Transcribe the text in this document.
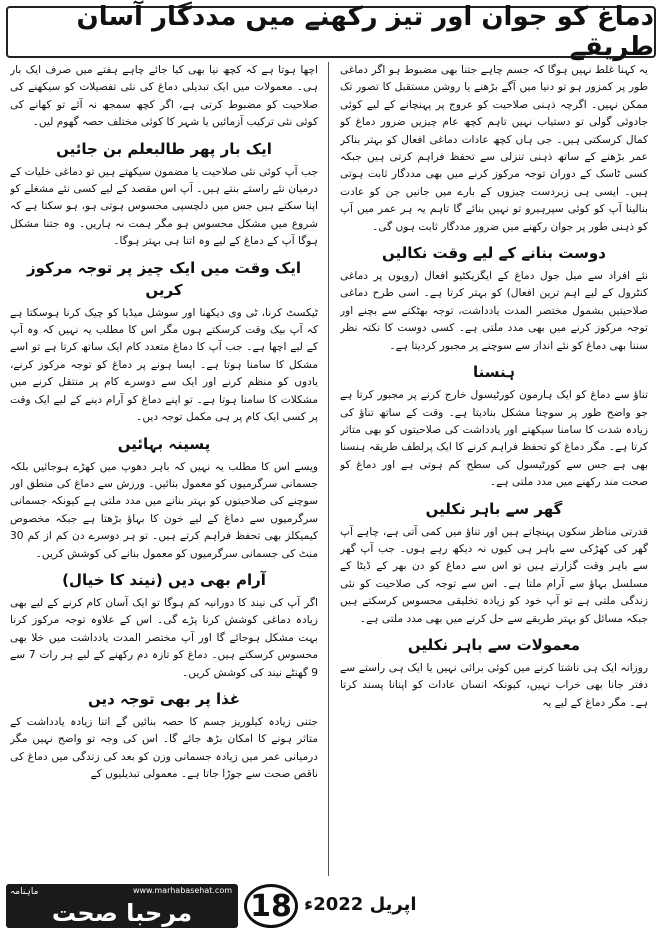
دماغ کو جوان اور تیز رکھنے میں مددگار آسان طریقے

یہ کہنا غلط نہیں ہوگا کہ جسم چاہے جتنا بھی مضبوط ہو اگر دماغی طور پر کمزور ہو تو دنیا میں آگے بڑھنے یا روشن مستقبل کا تصور تک ممکن نہیں۔ اگرچہ ذہنی صلاحیت کو عروج پر پہنچانے کے لیے کوئی جادوئی گولی تو دستیاب نہیں تاہم کچھ عام چیزیں ضرور دماغ کو کمال کرسکتی ہیں۔ جی ہاں کچھ عادات دماغی افعال کو بہتر بناکر عمر بڑھنے کے ساتھ ذہنی تنزلی سے تحفظ فراہم کرتی ہیں جبکہ کسی ٹاسک کے دوران توجہ مرکوز کرنے میں بھی مددگار ثابت ہوتی ہیں۔ ایسی ہی زبردست چیزوں کے بارے میں جانیں جن کو عادت بنالینا آپ کو کوئی سپرہیرو تو نہیں بنائے گا تاہم یہ ہر عمر میں آپ کو ذہنی طور پر جوان رکھنے میں ضرور مددگار ثابت ہوں گی۔

دوست بنانے کے لیے وقت نکالیں

نئے افراد سے میل جول دماغ کے ایگزیکٹیو افعال (رویوں پر دماغی کنٹرول کے لیے اہم ترین افعال) کو بہتر کرتا ہے۔ اسی طرح دماغی صلاحیتیں بشمول مختصر المدت یادداشت، توجہ بھٹکنے سے بچنے اور توجہ مرکوز کرنے میں بھی مدد ملتی ہے۔ کسی دوست کا نکتہ نظر سننا بھی دماغ کو نئے انداز سے سوچنے پر مجبور کردیتا ہے۔

ہنسنا

تناؤ سے دماغ کو ایک ہارمون کورٹیسول خارج کرنے پر مجبور کرتا ہے جو واضح طور پر سوچنا مشکل بنادیتا ہے۔ وقت کے ساتھ تناؤ کی زیادہ شدت کا سامنا سیکھنے اور یادداشت کی صلاحیتوں کو بھی متاثر کرتا ہے۔ مگر دماغ کو تحفظ فراہم کرنے کا ایک پرلطف طریقہ ہنسنا بھی ہے جس سے کورٹیسول کی سطح کم ہوتی ہے اور دماغ کو صحت مند رکھنے میں مدد ملتی ہے۔

گھر سے باہر نکلیں

قدرتی مناظر سکون پہنچاتے ہیں اور تناؤ میں کمی آتی ہے، چاہے آپ گھر کی کھڑکی سے باہر ہی کیوں نہ دیکھ رہے ہوں۔ جب آپ گھر سے باہر وقت گزارتے ہیں تو اس سے دماغ کو دن بھر کے ڈیٹا کے مسلسل بہاؤ سے آرام ملتا ہے۔ اس سے توجہ کی صلاحیت کو نئی زندگی ملتی ہے تو آپ خود کو زیادہ تخلیقی محسوس کرسکتے ہیں جبکہ مسائل کو بہتر طریقے سے حل کرنے میں بھی مدد ملتی ہے۔

معمولات سے باہر نکلیں

روزانہ ایک ہی ناشتا کرنے میں کوئی برائی نہیں یا ایک ہی راستے سے دفتر جانا بھی خراب نہیں، کیونکہ انسان عادات کو اپنانا پسند کرتا ہے۔ مگر دماغ کے لیے یہ

اچھا ہوتا ہے کہ کچھ نیا بھی کیا جائے چاہے ہفتے میں صرف ایک بار ہی۔ معمولات میں ایک تبدیلی دماغ کی نئی تفصیلات کو سیکھنے کی صلاحیت کو مضبوط کرتی ہے، اگر کچھ سمجھ نہ آئے تو کھانے کی کوئی نئی ترکیب آزمائیں یا شہر کا کوئی مختلف حصہ گھوم لیں۔

ایک بار پھر طالبعلم بن جائیں

جب آپ کوئی نئی صلاحیت یا مضمون سیکھتے ہیں تو دماغی خلیات کے درمیان نئے راستے بنتے ہیں۔ آپ اس مقصد کے لیے کسی نئے مشغلے کو اپنا سکتے ہیں جس میں دلچسپی محسوس ہوتی ہو، ہو سکتا ہے کہ شروع میں مشکل محسوس ہو مگر ہمت نہ ہاریں۔ وہ جتنا مشکل ہوگا آپ کے دماغ کے لیے وہ اتنا ہی بہتر ہوگا۔

ایک وقت میں ایک چیز پر توجہ مرکوز کریں

ٹیکسٹ کرنا، ٹی وی دیکھنا اور سوشل میڈیا کو چیک کرنا ہوسکتا ہے کہ آپ بیک وقت کرسکتے ہوں مگر اس کا مطلب یہ نہیں کہ وہ آپ کے لیے اچھا ہے۔ جب آپ کا دماغ متعدد کام ایک ساتھ کرتا ہے تو اسے مشکل کا سامنا ہوتا ہے۔ ایسا ہونے پر دماغ کو توجہ مرکوز کرنے، یادوں کو منظم کرنے اور ایک سے دوسرے کام پر منتقل کرنے میں مشکلات کا سامنا ہوتا ہے۔ تو اپنے دماغ کو آرام دینے کے لیے ایک وقت پر کسی ایک کام پر ہی مکمل توجہ دیں۔

پسینہ بہائیں

ویسے اس کا مطلب یہ نہیں کہ باہر دھوپ میں کھڑے ہوجائیں بلکہ جسمانی سرگرمیوں کو معمول بنائیں۔ ورزش سے دماغ کی منطق اور سوچنے کی صلاحیتوں کو بہتر بنانے میں مدد ملتی ہے کیونکہ جسمانی سرگرمیوں سے دماغ کے لیے خون کا بہاؤ بڑھتا ہے جبکہ مخصوص کیمیکلز بھی تحفظ فراہم کرتے ہیں۔ تو ہر دوسرے دن کم از کم 30 منٹ کی جسمانی سرگرمیوں کو معمول بنانے کی کوشش کریں۔

آرام بھی دیں (نیند کا خیال)

اگر آپ کی نیند کا دورانیہ کم ہوگا تو ایک آسان کام کرنے کے لیے بھی زیادہ دماغی کوشش کرنا پڑے گی۔ اس کے علاوہ توجہ مرکوز کرنا بہت مشکل ہوجائے گا اور آپ مختصر المدت یادداشت میں خلا بھی محسوس کرسکتے ہیں۔ دماغ کو تازہ دم رکھنے کے لیے ہر رات 7 سے 9 گھنٹے نیند کی کوشش کریں۔

غذا پر بھی توجہ دیں

جتنی زیادہ کیلوریز جسم کا حصہ بنائیں گے اتنا زیادہ یادداشت کے متاثر ہونے کا امکان بڑھ جائے گا۔ اس کی وجہ تو واضح نہیں مگر درمیانی عمر میں زیادہ جسمانی وزن کو بعد کی زندگی میں دماغ کی ناقص صحت سے جوڑا جاتا ہے۔ معمولی تبدیلیوں کے

ماہنامہ	www.marhabasehat.com
مرحبا صحت	18 اپریل 2022ء
